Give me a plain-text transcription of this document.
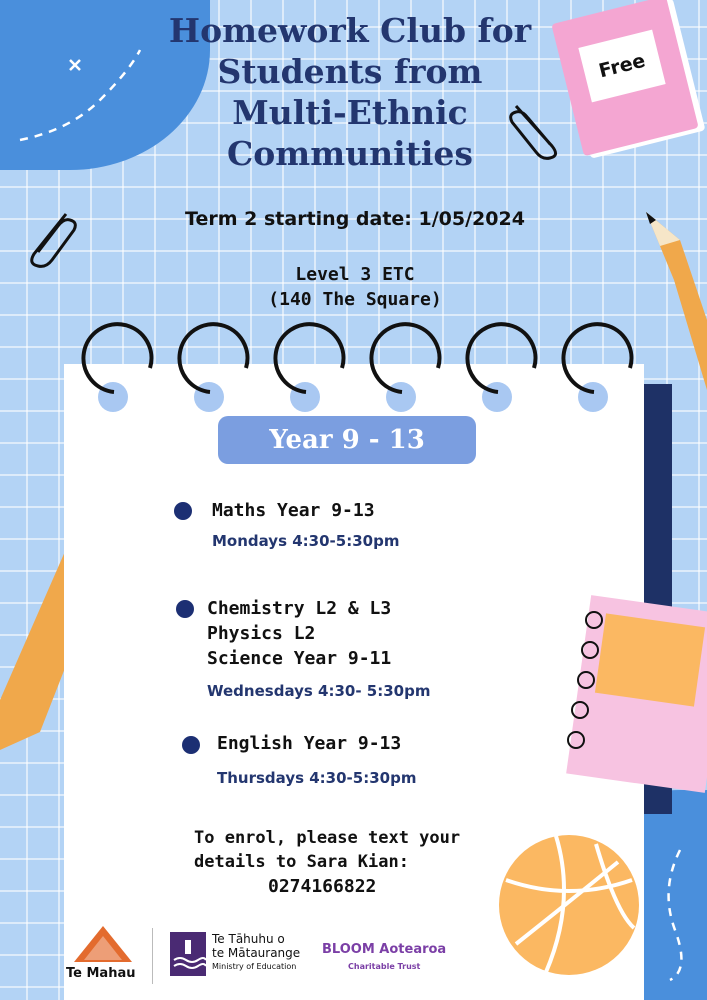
Free
Homework Club for
Students from
Multi-Ethnic
Communities
Term 2 starting date: 1/05/2024
Level 3 ETC
(140 The Square)
Year 9 - 13
Maths Year 9-13
Mondays 4:30-5:30pm
Chemistry L2 & L3
Physics L2
Science Year 9-11
Wednesdays 4:30- 5:30pm
English Year 9-13
Thursdays 4:30-5:30pm
To enrol, please text your
details to Sara Kian:
0274166822
Te Mahau
Te Tāhuhu o
te Mātaurange
Ministry of Education
BLOOM Aotearoa
Charitable Trust
